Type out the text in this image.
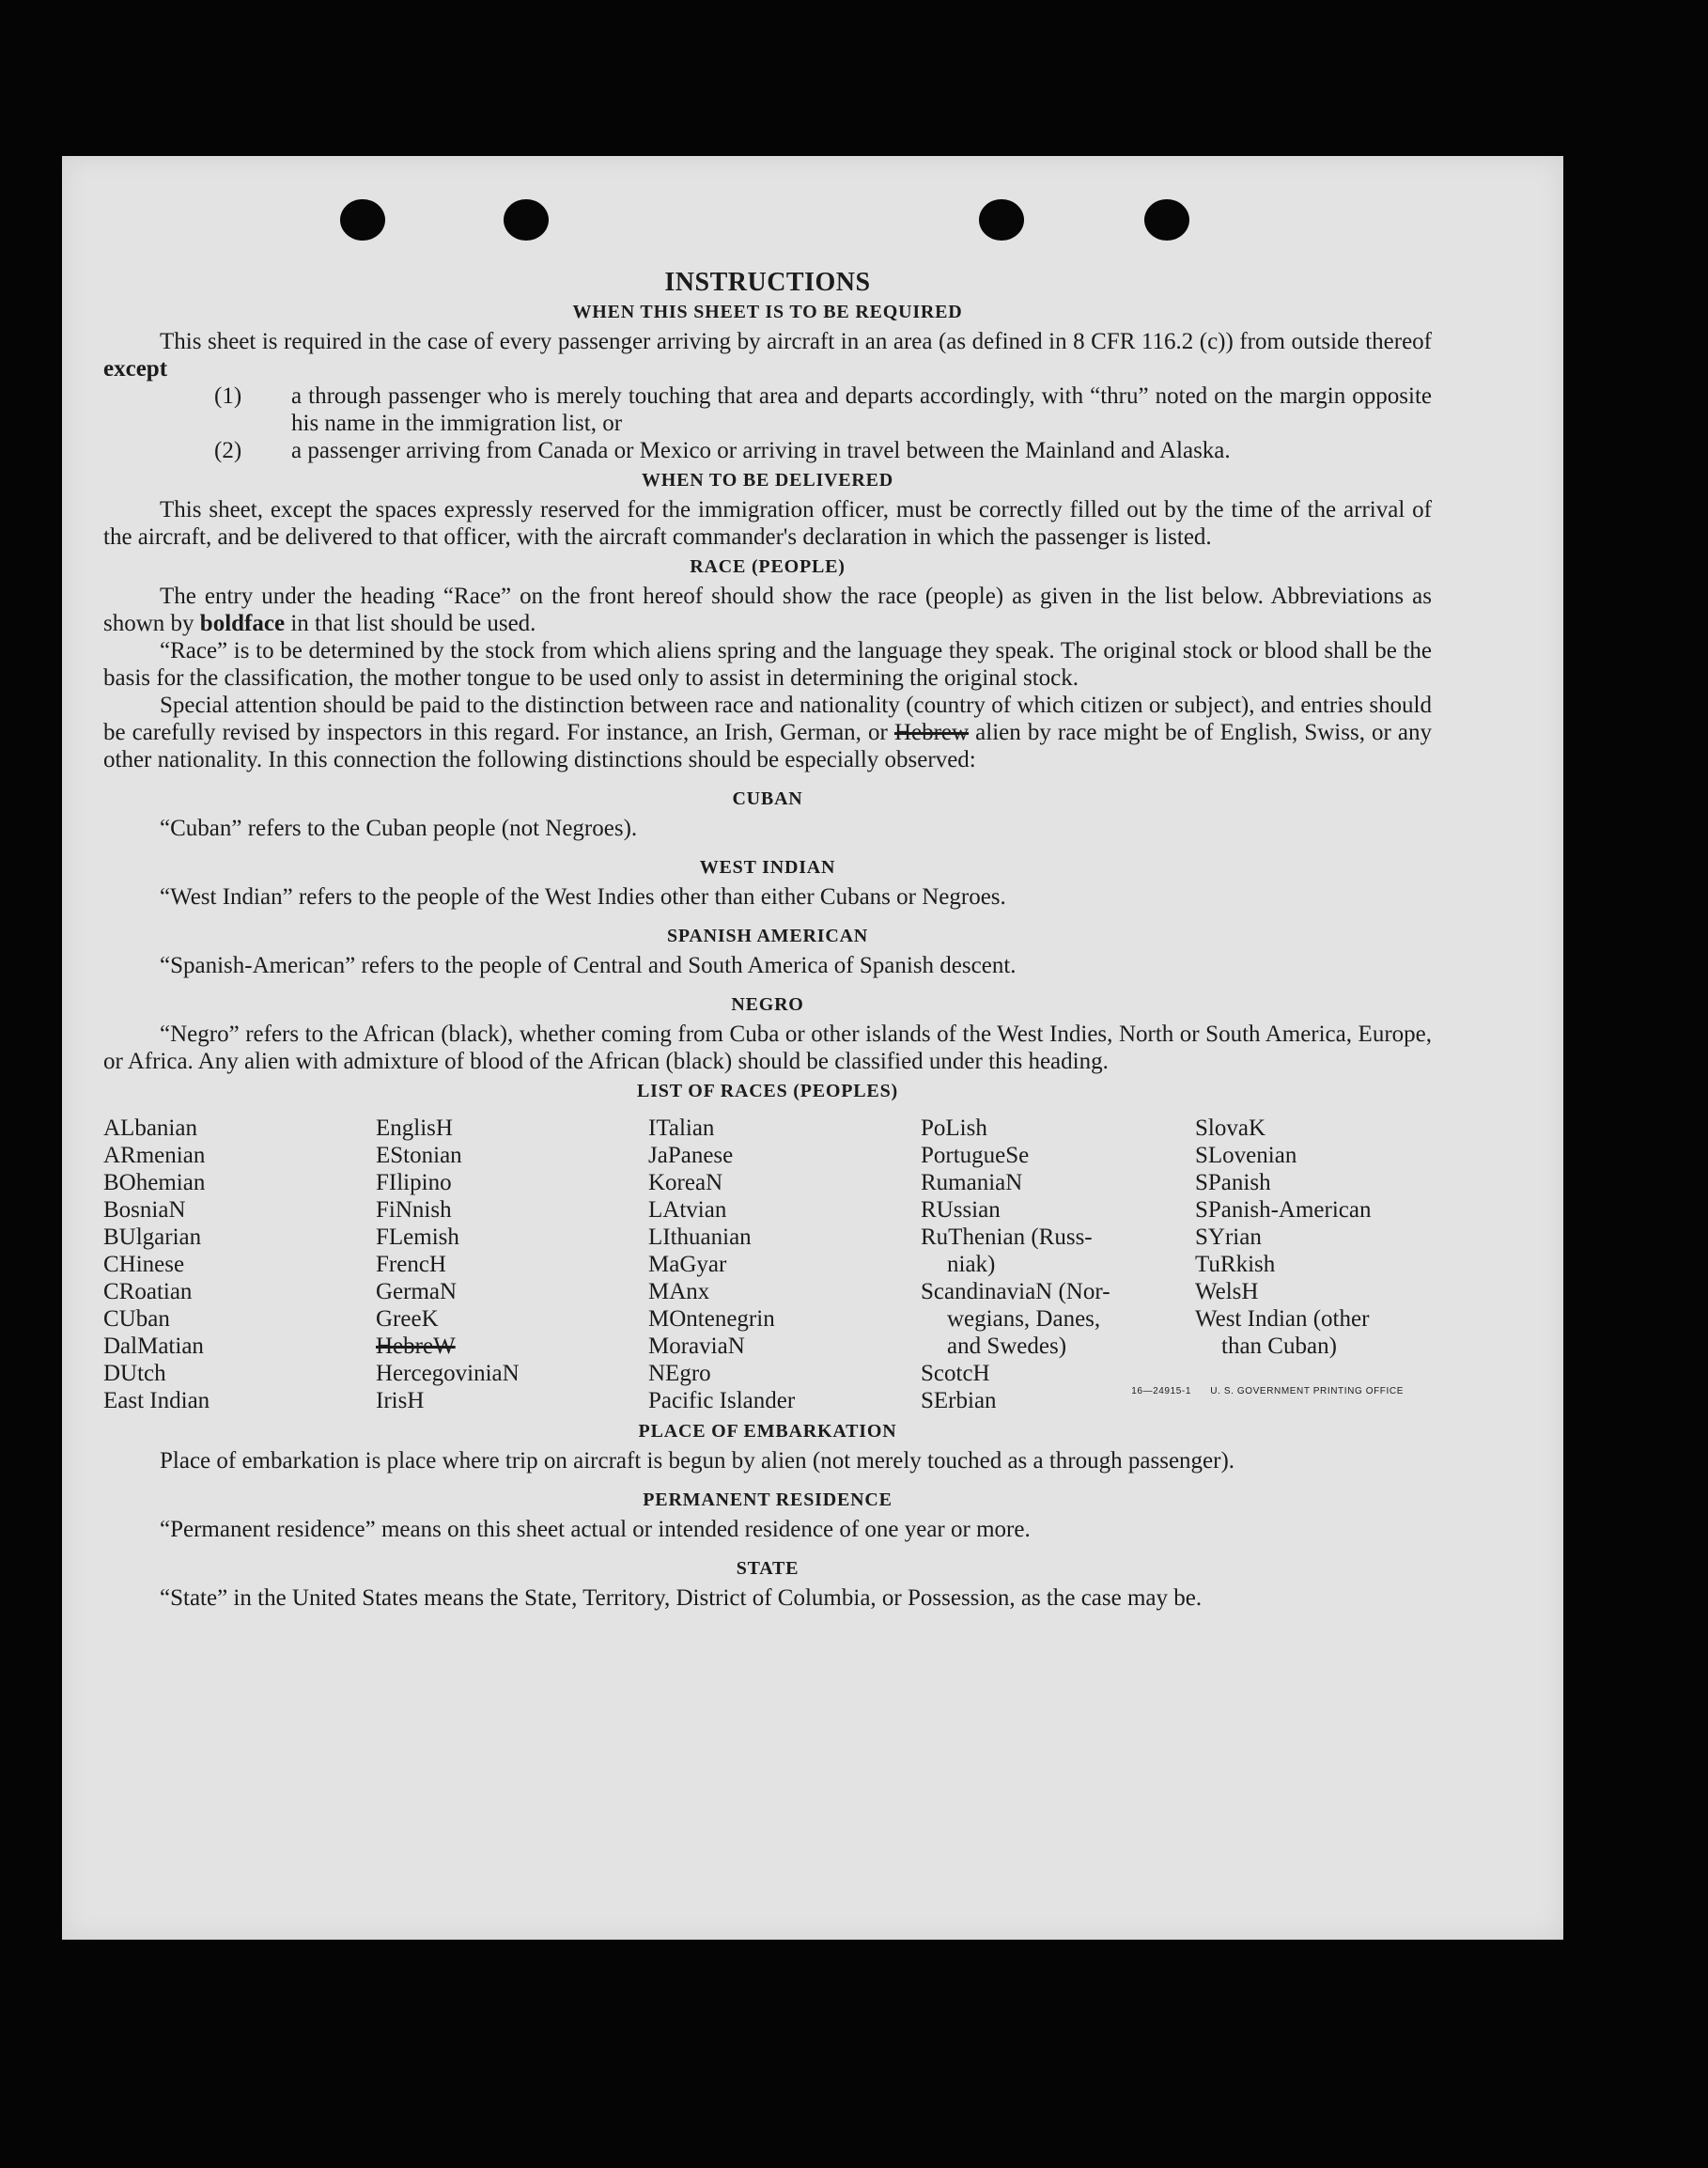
INSTRUCTIONS
WHEN THIS SHEET IS TO BE REQUIRED

This sheet is required in the case of every passenger arriving by aircraft in an area (as defined in 8 CFR 116.2 (c)) from outside thereof except

(1) a through passenger who is merely touching that area and departs accordingly, with “thru” noted on the margin opposite his name in the immigration list, or
(2) a passenger arriving from Canada or Mexico or arriving in travel between the Mainland and Alaska.
WHEN TO BE DELIVERED

This sheet, except the spaces expressly reserved for the immigration officer, must be correctly filled out by the time of the arrival of the aircraft, and be delivered to that officer, with the aircraft commander's declaration in which the passenger is listed.

RACE (PEOPLE)

The entry under the heading “Race” on the front hereof should show the race (people) as given in the list below. Abbreviations as shown by boldface in that list should be used.

“Race” is to be determined by the stock from which aliens spring and the language they speak. The original stock or blood shall be the basis for the classification, the mother tongue to be used only to assist in determining the original stock.

Special attention should be paid to the distinction between race and nationality (country of which citizen or subject), and entries should be carefully revised by inspectors in this regard. For instance, an Irish, German, or Hebrew alien by race might be of English, Swiss, or any other nationality. In this connection the following distinctions should be especially observed:

CUBAN

“Cuban” refers to the Cuban people (not Negroes).

WEST INDIAN

“West Indian” refers to the people of the West Indies other than either Cubans or Negroes.

SPANISH AMERICAN

“Spanish-American” refers to the people of Central and South America of Spanish descent.

NEGRO

“Negro” refers to the African (black), whether coming from Cuba or other islands of the West Indies, North or South America, Europe, or Africa. Any alien with admixture of blood of the African (black) should be classified under this heading.

LIST OF RACES (PEOPLES)
ALbanian
ARmenian
BOhemian
BosniaN
BUlgarian
CHinese
CRoatian
CUban
DalMatian
DUtch
East Indian
EnglisH
EStonian
FIlipino
FiNnish
FLemish
FrencH
GermaN
GreeK
HebreW
HercegoviniaN
IrisH
ITalian
JaPanese
KoreaN
LAtvian
LIthuanian
MaGyar
MAnx
MOntenegrin
MoraviaN
NEgro
Pacific Islander
PoLish
PortugueSe
RumaniaN
RUssian
RuThenian (Russ-
niak)
ScandinaviaN (Nor-
wegians, Danes,
and Swedes)
ScotcH
SErbian
SlovaK
SLovenian
SPanish
SPanish-American
SYrian
TuRkish
WelsH
West Indian (other
than Cuban)
PLACE OF EMBARKATION

Place of embarkation is place where trip on aircraft is begun by alien (not merely touched as a through passenger).

PERMANENT RESIDENCE

“Permanent residence” means on this sheet actual or intended residence of one year or more.

STATE

“State” in the United States means the State, Territory, District of Columbia, or Possession, as the case may be.

16—24915-1 U. S. GOVERNMENT PRINTING OFFICE
